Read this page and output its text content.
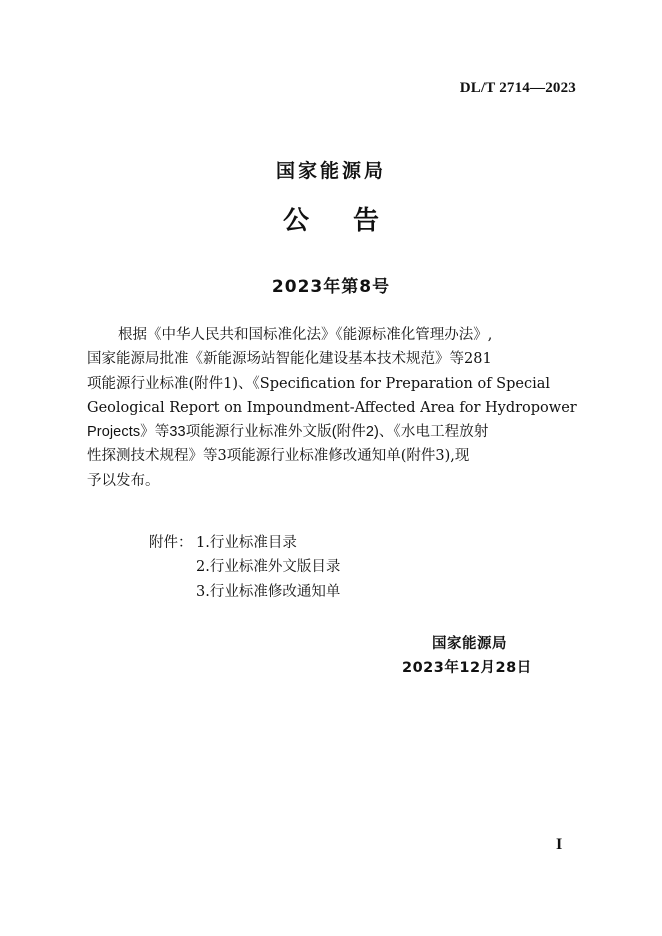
DL/T 2714—2023
国家能源局
公告
2023年第8号
根据《中华人民共和国标准化法》《能源标准化管理办法》,
国家能源局批准《新能源场站智能化建设基本技术规范》等281
项能源行业标准(附件1)、《Specification for Preparation of Special
Geological Report on Impoundment-Affected Area for Hydropower
Projects》等33项能源行业标准外文版(附件2)、《水电工程放射
性探测技术规程》等3项能源行业标准修改通知单(附件3),现
予以发布。
附件： 1.行业标准目录
2.行业标准外文版目录
3.行业标准修改通知单
国家能源局
2023年12月28日
I
